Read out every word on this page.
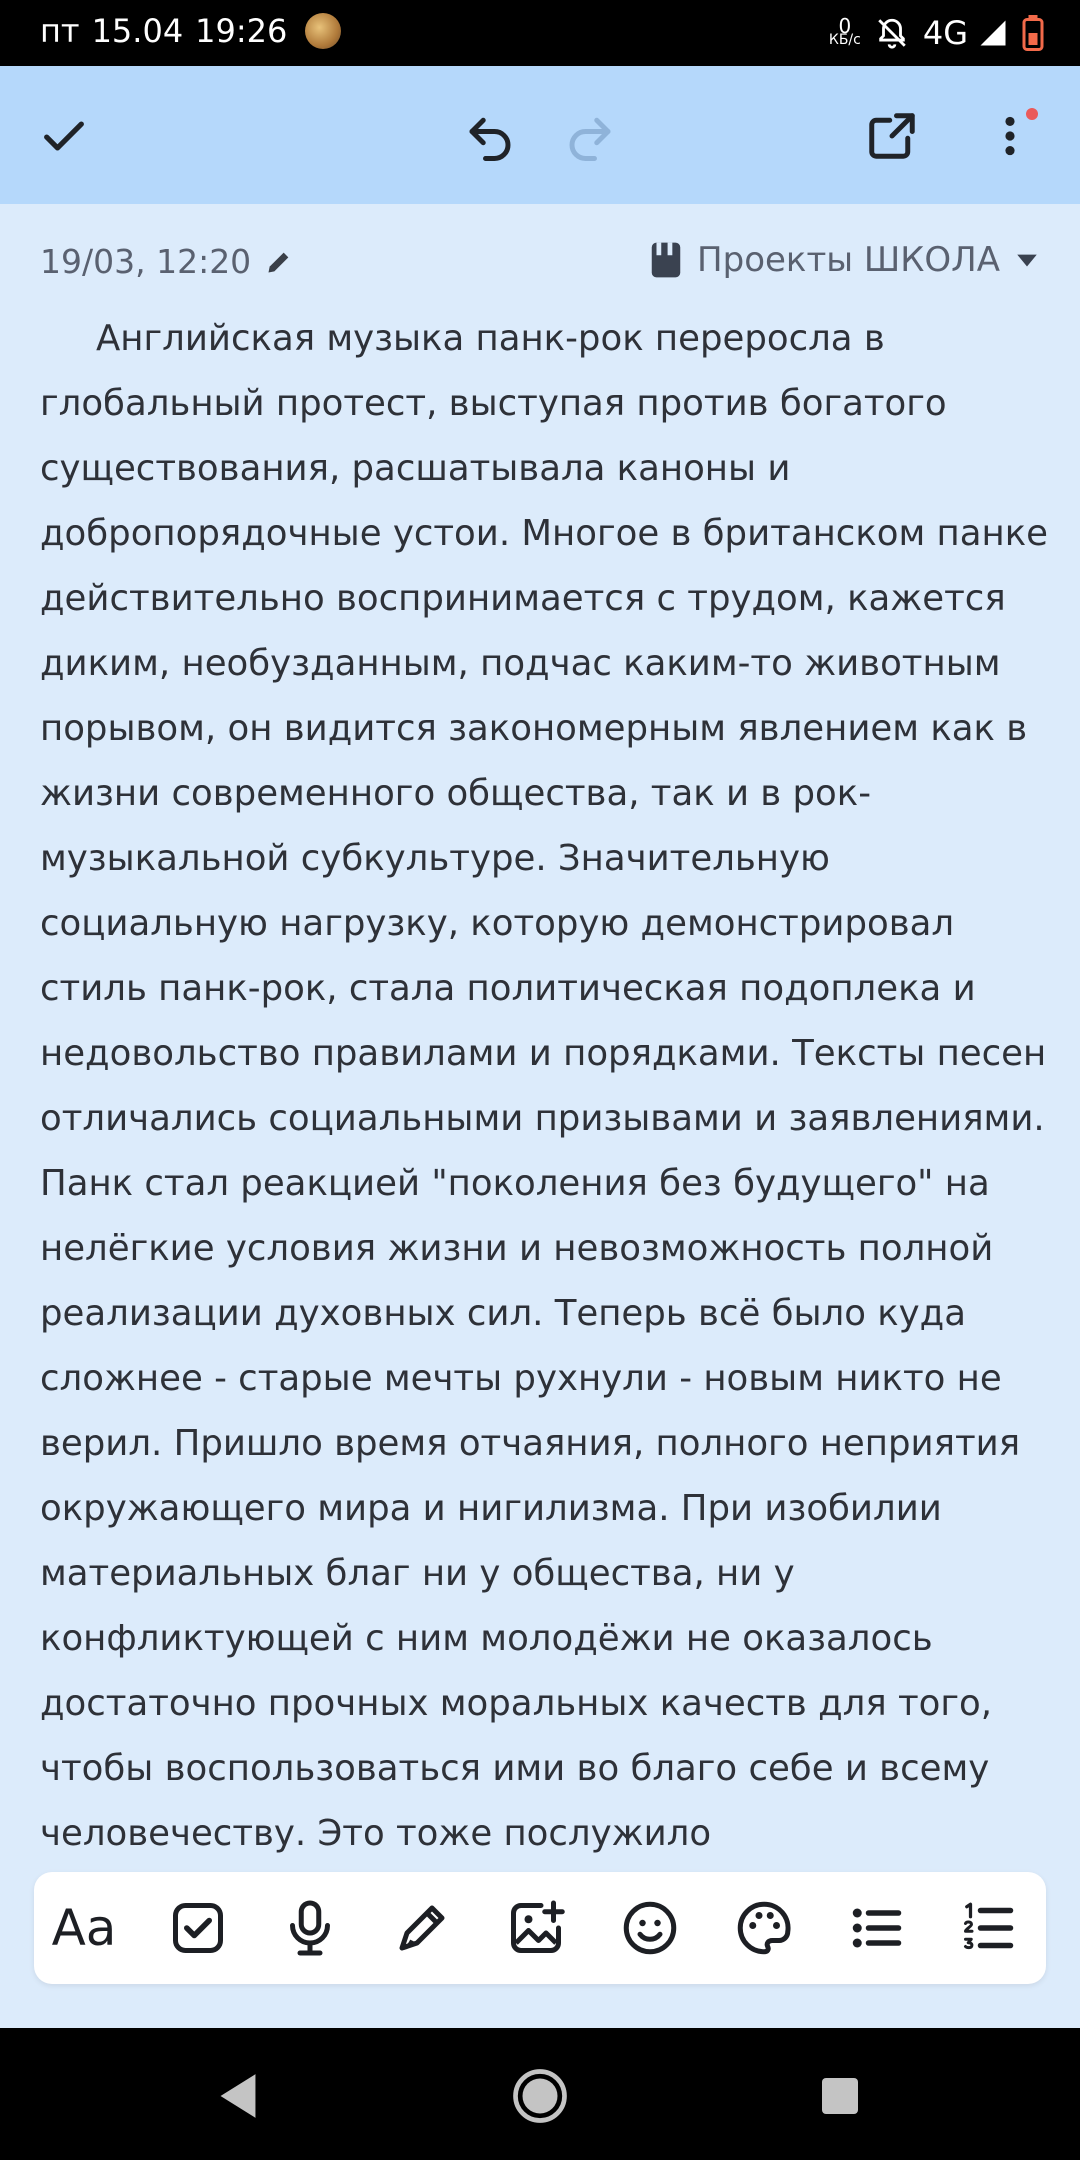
пт 15.04 19:26	0
КБ/с 4G
19/03, 12:20	Проекты ШКОЛА
Английская музыка панк-рок переросла в глобальный протест, выступая против богатого существования, расшатывала каноны и добропорядочные устои. Многое в британском панке действительно воспринимается с трудом, кажется диким, необузданным, подчас каким-то животным порывом, он видится закономерным явлением как в жизни современного общества, так и в рок-музыкальной субкультуре. Значительную социальную нагрузку, которую демонстрировал стиль панк-рок, стала политическая подоплека и недовольство правилами и порядками. Тексты песен отличались социальными призывами и заявлениями. Панк стал реакцией "поколения без будущего" на нелёгкие условия жизни и невозможность полной реализации духовных сил. Теперь всё было куда сложнее - старые мечты рухнули - новым никто не верил. Пришло время отчаяния, полного неприятия окружающего мира и нигилизма. При изобилии материальных благ ни у общества, ни у конфликтующей с ним молодёжи не оказалось достаточно прочных моральных качеств для того, чтобы воспользоваться ими во благо себе и всему человечеству. Это тоже послужило
Aa
